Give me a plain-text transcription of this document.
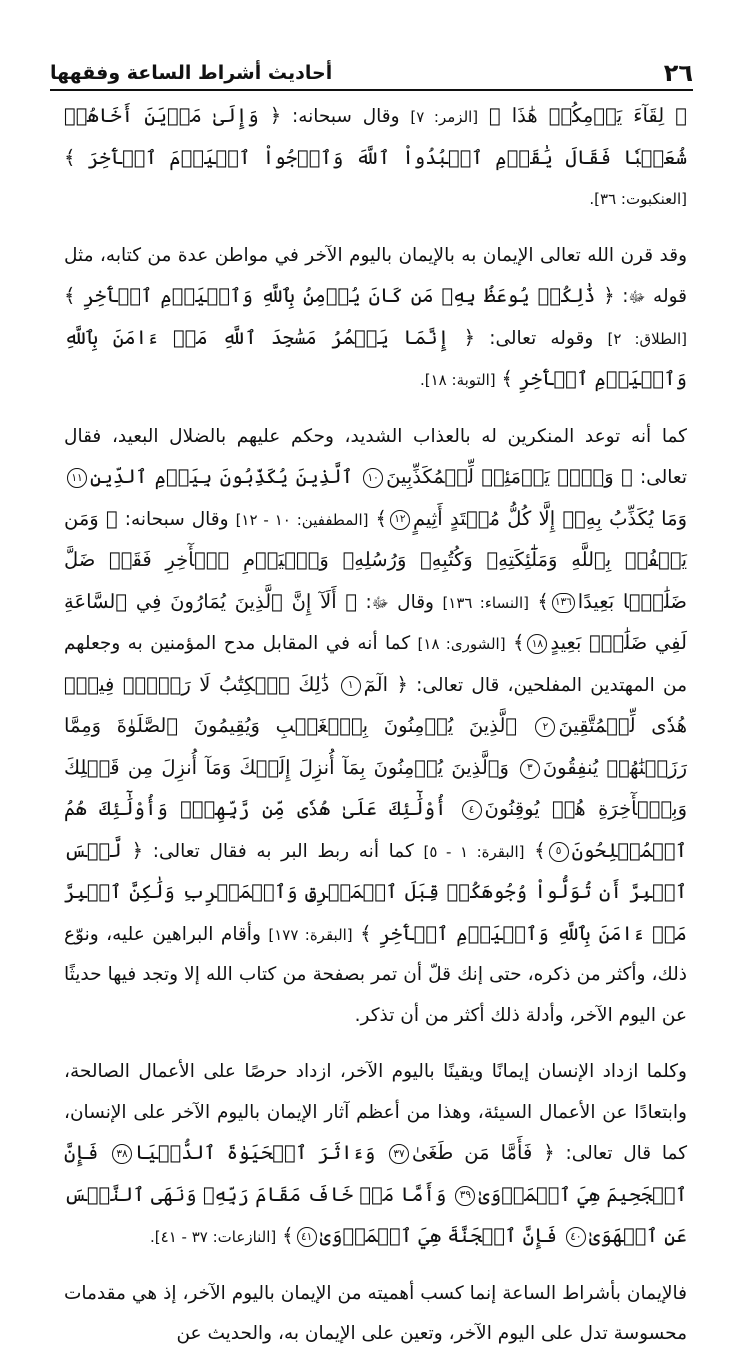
٢٦
أحاديث أشراط الساعة وفقهها

﴿ لِقَآءَ يَوۡمِكُمۡ هَٰذَا ﴾ [الزمر: ٧] وقال سبحانه: ﴿ وَإِلَىٰ مَدۡيَنَ أَخَاهُمۡ شُعَيۡبٗا فَقَالَ يَٰقَوۡمِ ٱعۡبُدُواْ ٱللَّهَ وَٱرۡجُواْ ٱلۡيَوۡمَ ٱلۡأٓخِرَ ﴾ [العنكبوت: ٣٦].

وقد قرن الله تعالى الإيمان به بالإيمان باليوم الآخر في مواطن عدة من كتابه، مثل قوله ﷻ: ﴿ ذَٰلِكُمۡ يُوعَظُ بِهِۦ مَن كَانَ يُؤۡمِنُ بِٱللَّهِ وَٱلۡيَوۡمِ ٱلۡأٓخِرِ ﴾ [الطلاق: ٢] وقوله تعالى: ﴿ إِنَّمَا يَعۡمُرُ مَسَٰجِدَ ٱللَّهِ مَنۡ ءَامَنَ بِٱللَّهِ وَٱلۡيَوۡمِ ٱلۡأٓخِرِ ﴾ [التوبة: ١٨].

كما أنه توعد المنكرين له بالعذاب الشديد، وحكم عليهم بالضلال البعيد، فقال تعالى: ﴿ وَيۡلٞ يَوۡمَئِذٖ لِّلۡمُكَذِّبِينَ١٠ ٱلَّذِينَ يُكَذِّبُونَ بِيَوۡمِ ٱلدِّينِ١١ وَمَا يُكَذِّبُ بِهِۦٓ إِلَّا كُلُّ مُعۡتَدٍ أَثِيمٍ١٢﴾ [المطففين: ١٠ - ١٢] وقال سبحانه: ﴿ وَمَن يَكۡفُرۡ بِٱللَّهِ وَمَلَٰٓئِكَتِهِۦ وَكُتُبِهِۦ وَرُسُلِهِۦ وَٱلۡيَوۡمِ ٱلۡأٓخِرِ فَقَدۡ ضَلَّ ضَلَٰلَۢا بَعِيدًا١٣٦﴾ [النساء: ١٣٦] وقال ﷻ: ﴿ أَلَآ إِنَّ ٱلَّذِينَ يُمَارُونَ فِي ٱلسَّاعَةِ لَفِي ضَلَٰلِۭ بَعِيدٍ١٨﴾ [الشورى: ١٨] كما أنه في المقابل مدح المؤمنين به وجعلهم من المهتدين المفلحين، قال تعالى: ﴿ الٓمٓ١ ذَٰلِكَ ٱلۡكِتَٰبُ لَا رَيۡبَۛ فِيهِۛ هُدٗى لِّلۡمُتَّقِينَ٢ ٱلَّذِينَ يُؤۡمِنُونَ بِٱلۡغَيۡبِ وَيُقِيمُونَ ٱلصَّلَوٰةَ وَمِمَّا رَزَقۡنَٰهُمۡ يُنفِقُونَ٣ وَٱلَّذِينَ يُؤۡمِنُونَ بِمَآ أُنزِلَ إِلَيۡكَ وَمَآ أُنزِلَ مِن قَبۡلِكَ وَبِٱلۡأٓخِرَةِ هُمۡ يُوقِنُونَ٤ أُوْلَٰٓئِكَ عَلَىٰ هُدٗى مِّن رَّبِّهِمۡۖ وَأُوْلَٰٓئِكَ هُمُ ٱلۡمُفۡلِحُونَ٥﴾ [البقرة: ١ - ٥] كما أنه ربط البر به فقال تعالى: ﴿ لَّيۡسَ ٱلۡبِرَّ أَن تُوَلُّواْ وُجُوهَكُمۡ قِبَلَ ٱلۡمَشۡرِقِ وَٱلۡمَغۡرِبِ وَلَٰكِنَّ ٱلۡبِرَّ مَنۡ ءَامَنَ بِٱللَّهِ وَٱلۡيَوۡمِ ٱلۡأٓخِرِ ﴾ [البقرة: ١٧٧] وأقام البراهين عليه، ونوّع ذلك، وأكثر من ذكره، حتى إنك قلّ أن تمر بصفحة من كتاب الله إلا وتجد فيها حديثًا عن اليوم الآخر، وأدلة ذلك أكثر من أن تذكر.

وكلما ازداد الإنسان إيمانًا ويقينًا باليوم الآخر، ازداد حرصًا على الأعمال الصالحة، وابتعادًا عن الأعمال السيئة، وهذا من أعظم آثار الإيمان باليوم الآخر على الإنسان، كما قال تعالى: ﴿ فَأَمَّا مَن طَغَىٰ٣٧ وَءَاثَرَ ٱلۡحَيَوٰةَ ٱلدُّنۡيَا٣٨ فَإِنَّ ٱلۡجَحِيمَ هِيَ ٱلۡمَأۡوَىٰ٣٩ وَأَمَّا مَنۡ خَافَ مَقَامَ رَبِّهِۦ وَنَهَى ٱلنَّفۡسَ عَنِ ٱلۡهَوَىٰ٤٠ فَإِنَّ ٱلۡجَنَّةَ هِيَ ٱلۡمَأۡوَىٰ٤١﴾ [النازعات: ٣٧ - ٤١].

فالإيمان بأشراط الساعة إنما كسب أهميته من الإيمان باليوم الآخر، إذ هي مقدمات محسوسة تدل على اليوم الآخر، وتعين على الإيمان به، والحديث عن
